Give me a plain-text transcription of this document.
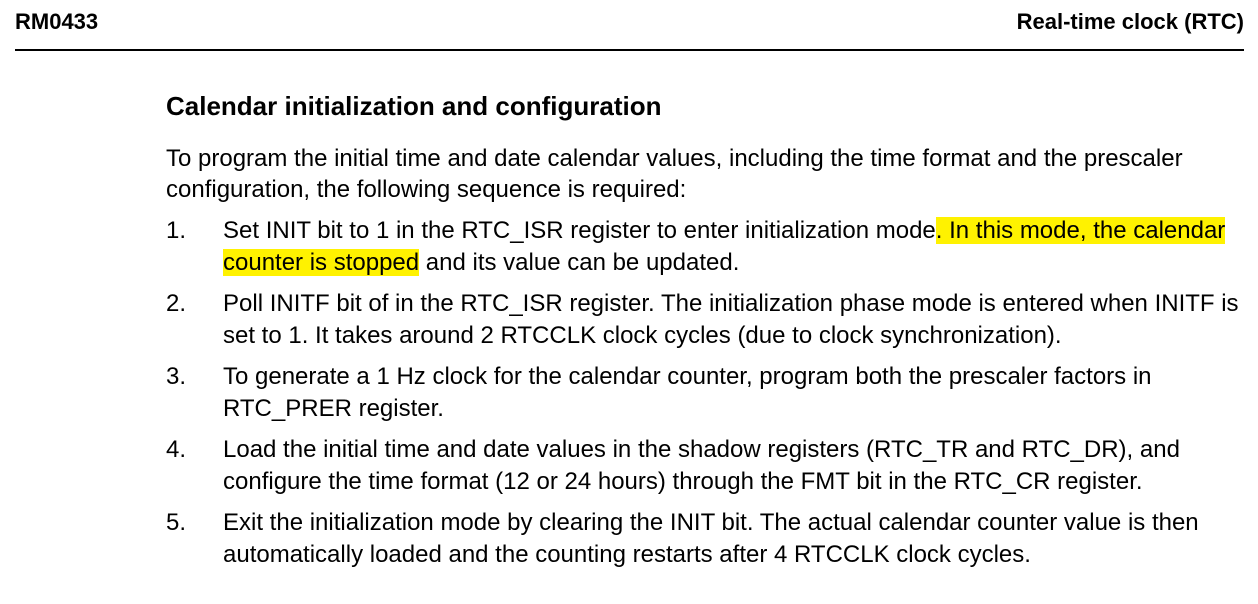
RM0433	Real-time clock (RTC)
Calendar initialization and configuration

To program the initial time and date calendar values, including the time format and the prescaler configuration, the following sequence is required:

1. Set INIT bit to 1 in the RTC_ISR register to enter initialization mode. In this mode, the calendar counter is stopped and its value can be updated.
2. Poll INITF bit of in the RTC_ISR register. The initialization phase mode is entered when INITF is set to 1. It takes around 2 RTCCLK clock cycles (due to clock synchronization).
3. To generate a 1 Hz clock for the calendar counter, program both the prescaler factors in RTC_PRER register.
4. Load the initial time and date values in the shadow registers (RTC_TR and RTC_DR), and configure the time format (12 or 24 hours) through the FMT bit in the RTC_CR register.
5. Exit the initialization mode by clearing the INIT bit. The actual calendar counter value is then automatically loaded and the counting restarts after 4 RTCCLK clock cycles.
